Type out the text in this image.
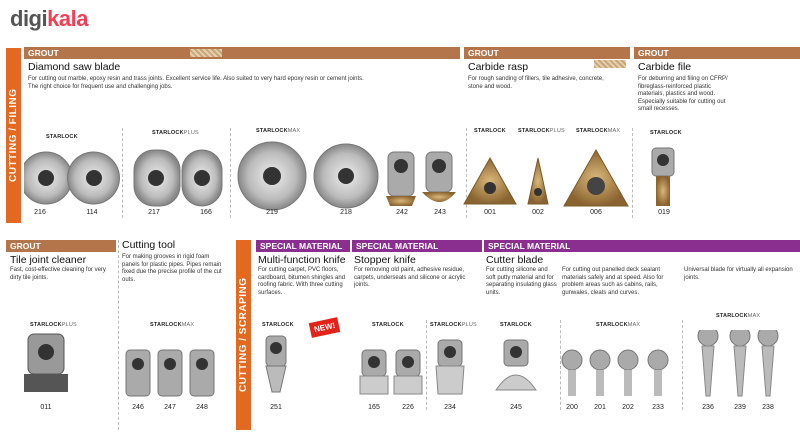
digikala
CUTTING / FILING
CUTTING / SCRAPING
GROUT	GROUT	GROUT
Diamond saw blade
For cutting out marble, epoxy resin and trass joints. Excellent service life. Also suited to very hard epoxy resin or cement joints.
The right choice for frequent use and challenging jobs.
Carbide rasp
For rough sanding of fillers, tile adhesive, concrete, stone and wood.
Carbide file
For deburring and filing on CFRP/ fibreglass-reinforced plastic materials, plastics and wood. Especially suitable for cutting out small recesses.
STARLOCK
STARLOCKPLUS	STARLOCKMAX	STARLOCK STARLOCKPLUS STARLOCKMAX	STARLOCK
216	114	217	166	219	218	242	243	001	002	006	019
GROUT	SPECIAL MATERIAL	SPECIAL MATERIAL	SPECIAL MATERIAL
Tile joint cleaner
Fast, cost-effective cleaning for very dirty tile joints.
Cutting tool
For making grooves in rigid foam panels for plastic pipes. Pipes remain fixed due the precise profile of the cut outs.
Multi-function knife
For cutting carpet, PVC floors, cardboard, bitumen shingles and roofing fabric. With three cutting surfaces.
Stopper knife
For removing old paint, adhesive residue, carpets, underseals and silicone or acrylic joints.
Cutter blade
For cutting silicone and soft putty material and for separating insulating glass units.
For cutting out panelled deck sealant materials safely and at speed. Also for problem areas such as cabins, rails, gunwales, cleats and curves.
Universal blade for virtually all expansion joints.
NEW!
STARLOCKPLUS	STARLOCKMAX	STARLOCK	STARLOCK	STARLOCKPLUS	STARLOCK	STARLOCKMAX
STARLOCKMAX
011	246	247	248	251	165	226	234	245	200	201	202	233	236	239	238
